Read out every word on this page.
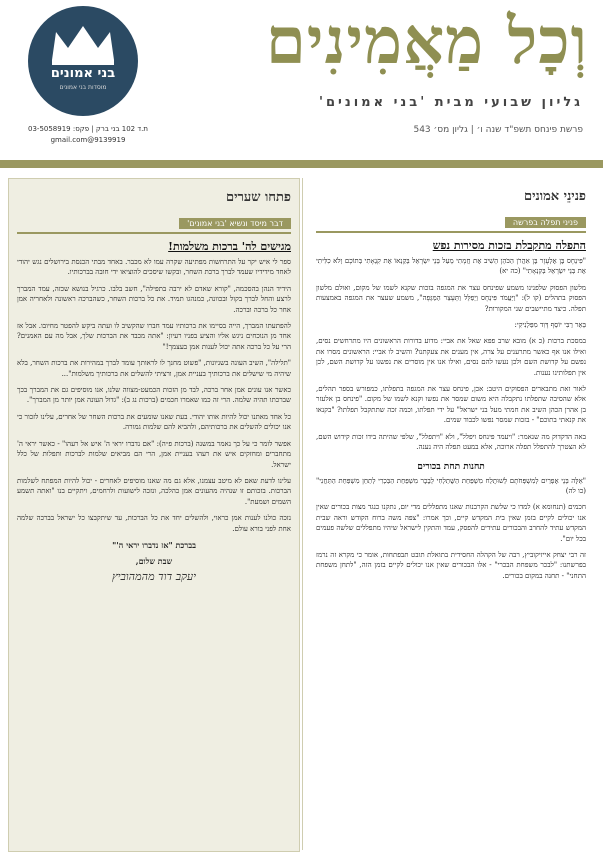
בני אמונים
מוסדות בני אמונים
ת.ד 102 בני ברק | פקס: 03-5058919
9139919@gmail.com
וְכָל מַאֲמִינִים
גליון שבועי מבית 'בני אמונים'
פרשת פינחס תשפ"ד שנה ו׳ | גליון מס׳ 543
פנינֵי אמונים
פניני תפלה בפרשה
התפלה מתקבלת בזכות מסירות נפש

"פִּינְחָס בֶּן אֶלְעָזָר בֶּן אַהֲרֹן הַכֹּהֵן הֵשִׁיב אֶת חֲמָתִי מֵעַל בְּנֵי יִשְׂרָאֵל בְּקַנְאוֹ אֶת קִנְאָתִי בְּתוֹכָם וְלֹא כִלִּיתִי אֶת בְּנֵי יִשְׂרָאֵל בְּקִנְאָתִי" (כה יא)

מלשון הפסוק שלפנינו משמע שפינחס עצר את המגפה בזכות שקנא לשמו של מקום, ואולם מלשון הפסוק בתהלים (קו ל): "וַיַּעֲמֹד פִּינְחָס וַיְפַלֵּל וַתֵּעָצַר הַמַּגֵּפָה", משמע שעצר את המגפה באמצעות תפלה. כיצד מתיישבים שני המקורות?

בֵּאֵר רַבִּי יוֹסֵף דָּוִד מִפַּלְנִיקִי:

במסכת ברכות (כ א) מובא שרב פפא שאל את אביי: מדוע בדורות הראשונים היו מתרחשים נסים, ואילו אנו אף כאשר מתרענים על צרה, אין מענים את צעקתנו? והשיב לו אביי: הראשונים מסרו את נפשם על קדושת השם ולכן נעשו להם נסים, ואילו אנו אין מוסרים את נפשנו על קדושת השם, לכן אין תפלותינו נענות.

לאור זאת מתבארים הפסוקים היטב: אכן, פינחס עצר את המגפה בתפלתו, כמפורש בספר תהלים, אלא שהסיבה שתפלתו נתקבלה היא משום שמסר את נפשו וקנא לשמו של מקום. "פינחס בן אלעזר בן אהרן הכהן השיב את חמתי מעל בני ישראל" על ידי תפלתו, וכמה זכה שתתקבל תפלתו? "בקנאו את קנאתי בתוכם" - בזכות שמסר נפשו לכבוד שמים.

באה הדקדוק מה שנאמר: "ויעמד פינחס ויפלל", ולא "ויתפלל", שלפי שהיתה בידו זכות קידוש השם, לא הצטרך להתפלל תפלה ארוכה, אלא במעט תפלה היה נענה.

תחנות תחת בכורים

"אֵלֶּה בְּנֵי אֶפְרַיִם לְמִשְׁפְּחֹתָם לְשׁוּתֶלַח מִשְׁפַּחַת הַשֻּׁתַלְחִי לְבֶכֶר מִשְׁפַּחַת הַבַּכְרִי לְתַחַן מִשְׁפַּחַת הַתַּחֲנִי" (כו לה)

חכמים (תנחומא א) למדו כי שלשת הקרבנות שאנו מתפללים מדי יום, נתקנו כנגד מצות בכורים שאין אנו יכולים לקיים בזמן שאין בית המקדש קיים, וכך אמרו: "צפה משה ברוח הקודש וראה שבית המקדש עתיד להחרב והבכורים עתידים להפסק, עמד והתקין לישראל שיהיו מתפללים שלשה פעמים בכל יום".

זה רבי יצחק אייזיקוביץ, רבה של הקהלה החסידית בתואלת תובט תבפתחות, אומר כי מקרא זה נרמז בפרשתנו: "לבכר משפחת הבכרי" - אלו הבכורים שאין אנו יכולים לקיים בזמן הזה, "לתחן משפחת התחני" - תחנה במקום בכורים.

פתחו שערים
דבר מיסד ונשיא 'בני אמונים'
מגישים לה' ברכות משלמות!

ספר לי איש יקר על התרחשות מפתיעה שקרה עמו לא מכבר. באחד מבתי הכנסת בירושלים נגש יהודי לאחד מידידיו שעמד לברך ברכת השחר, ובקשו שיסכים להוציאו ידי חובה בברכותיו.

הידיד הנהן בהסכמה, "קורא שאדם לא ירבה בתפילה", חשב בלבו. כרגיל בנושא שכזה, עמד המברך לרצע והחל לברך בקול ובכוונה, כמנהגו תמיד. את כל ברכות השחר, כשהברכה ראשונה ולאחריה אמן אחר כל ברכה וברכה.

להפתעתו המברך, הייה בסיימו את ברכותיו עמד חברו שהקשיב לו ועתה ביקש להפטר מחיובו. אבל אז אחד מן הנוכחים ניגש אליו והציע בפניו רעיון: "אתה מכבד את הברכות שלך, אבל מה עם האמנים? הרי על כל ברכה אתה יכול לענות אמן בעצמך!"

"תלילה", השיב העונה בשניונות, "פשוט מחנך לו לראותך עומד לברך במהירות את ברכות השחר, בלא שיהיה מי שישלים את ברכותיך בעניית אמן, ורציתי להשלים את ברכותיך משלמות"...

כאשר אנו עונים אמן אחר ברכה, לבד מן הזכות הכמעט-מצווה שלנו, אנו מוסיפים גם את המברך בכך שברכתו תהיה שלמה. הרי זה כמו שאמרו חכמים (ברכות נג ב): "גדול העונה אמן יותר מן המברך".

כל אחד מאתנו יכול להיות אותו יהודי. בעת שאנו שומעים את ברכות השחר של אחרים, עלינו לזכור כי אנו יכולים להשלים את ברכותיהם, ולהביא להם שלמות גמורה.

אפשר לומר כי על כך נאמר במשנה (ברכות פ״ה): "אם נדברו יראי ה' איש אל רעהו" - כאשר יראי ה' מתחברים ומחזקים איש את רעהו בעניית אמן, הרי הם מביאים שלמות לברכות ותפלות של כלל ישראל.

עלינו לדעת שאם לא מיטב עצמנו, אלא גם מה שאנו מוסיפים לאחרים - יכול להיות המפתח לשלמות הברכות. בזכותם זו שנהיה מהעונים אמן כהלכה, ונזכה לישועות ולרחמים, ויתקיים בנו "ואתה תשמע השמים ושמעת".

נזכה כולנו לענות אמן כראוי, ולהשלים יחד את כל הברכות, עד שיתקבצו כל ישראל בברכה שלמה אחת לפני בורא עולם.

בברכת "אז נדברו יראי ה'"
שבת שלום,
יעקב דוד מהמהוביץ
